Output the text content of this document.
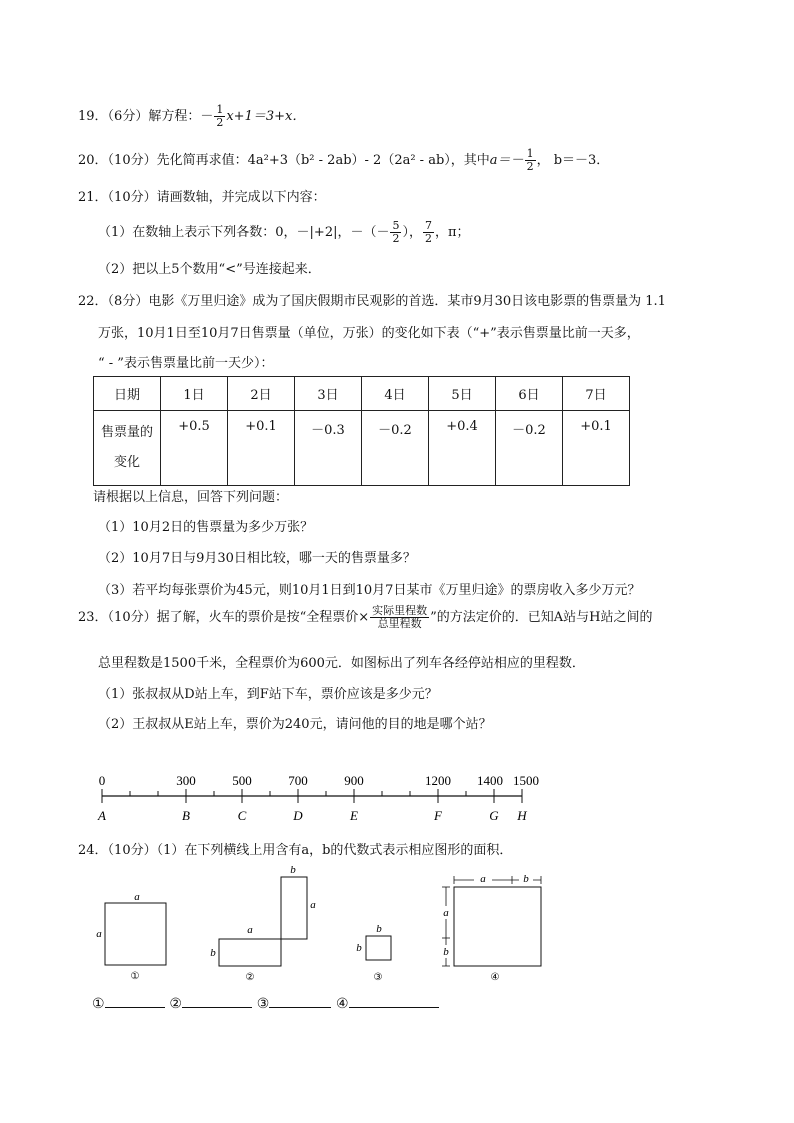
19．（6分）解方程：－ $\frac{1}{2} x+1=3+x$．
20．（10分）先化简再求值：4a²+3（b² - 2ab）- 2（2a² - ab），其中$a=- \frac{1}{2}$ ， b＝－3．
21．（10分）请画数轴，并完成以下内容：
（1）在数轴上表示下列各数：0，－|+2|，－（－ $\frac{5}{2}$ ）， $\frac{7}{2}$ ，π；
（2）把以上5个数用“<”号连接起来．
22．（8分）电影《万里归途》成为了国庆假期市民观影的首选．某市9月30日该电影票的售票量为 1.1
万张，10月1日至10月7日售票量（单位，万张）的变化如下表（“+”表示售票量比前一天多，
“ - ”表示售票量比前一天少）：
日期	1日	2日	3日	4日	5日	6日	7日

售票量的
变化	+0.5	+0.1	－0.3	－0.2	+0.4	－0.2	+0.1
请根据以上信息，回答下列问题：
（1）10月2日的售票量为多少万张？
（2）10月7日与9月30日相比较，哪一天的售票量多？
（3）若平均每张票价为45元，则10月1日到10月7日某市《万里归途》的票房收入多少万元？
23．（10分）据了解，火车的票价是按“全程票价× $\frac{\text{实际里程数}}{\text{总里程数}}$ ”的方法定价的．已知A站与H站之间的
总里程数是1500千米，全程票价为600元．如图标出了列车各经停站相应的里程数．
（1）张叔叔从D站上车，到F站下车，票价应该是多少元？
（2）王叔叔从E站上车，票价为240元，请问他的目的地是哪个站？
0
A
300
B
500
C
700
D
900
E
1200
F
1400
G
1500
H
24．（10分）（1）在下列横线上用含有a，b的代数式表示相应图形的面积．
a
a
①
a
b
b
a
②
b
b
③
a	b
a
b
④
①	②	③	④
